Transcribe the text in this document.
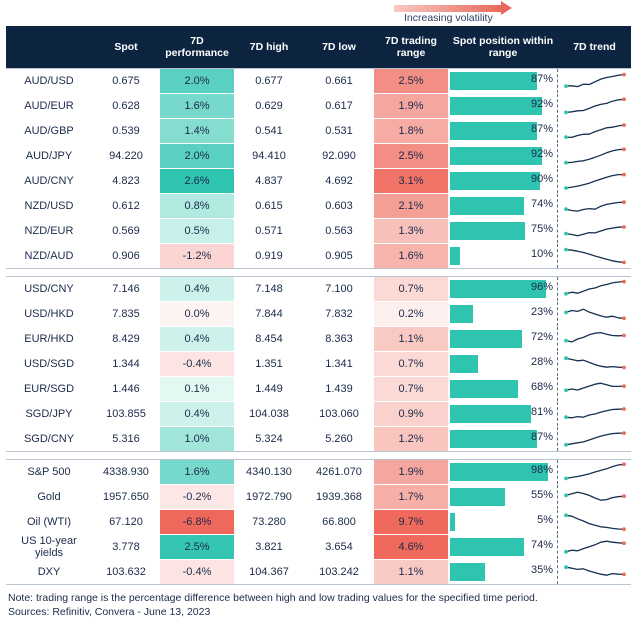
Increasing volatility
	Spot	7D performance	7D high	7D low	7D trading range	Spot position within range	7D trend
AUD/USD	0.675	2.0%	0.677	0.661	2.5%	87%

AUD/EUR	0.628	1.6%	0.629	0.617	1.9%	92%

AUD/GBP	0.539	1.4%	0.541	0.531	1.8%	87%

AUD/JPY	94.220	2.0%	94.410	92.090	2.5%	92%

AUD/CNY	4.823	2.6%	4.837	4.692	3.1%	90%

NZD/USD	0.612	0.8%	0.615	0.603	2.1%	74%

NZD/EUR	0.569	0.5%	0.571	0.563	1.3%	75%

NZD/AUD	0.906	-1.2%	0.919	0.905	1.6%	10%

USD/CNY	7.146	0.4%	7.148	7.100	0.7%	96%

USD/HKD	7.835	0.0%	7.844	7.832	0.2%	23%

EUR/HKD	8.429	0.4%	8.454	8.363	1.1%	72%

USD/SGD	1.344	-0.4%	1.351	1.341	0.7%	28%

EUR/SGD	1.446	0.1%	1.449	1.439	0.7%	68%

SGD/JPY	103.855	0.4%	104.038	103.060	0.9%	81%

SGD/CNY	5.316	1.0%	5.324	5.260	1.2%	87%

S&P 500	4338.930	1.6%	4340.130	4261.070	1.9%	98%

Gold	1957.650	-0.2%	1972.790	1939.368	1.7%	55%

Oil (WTI)	67.120	-6.8%	73.280	66.800	9.7%	5%

US 10-year yields	3.778	2.5%	3.821	3.654	4.6%	74%

DXY	103.632	-0.4%	104.367	103.242	1.1%	35%

Note: trading range is the percentage difference between high and low trading values for the specified time period.
Sources: Refinitiv, Convera - June 13, 2023
